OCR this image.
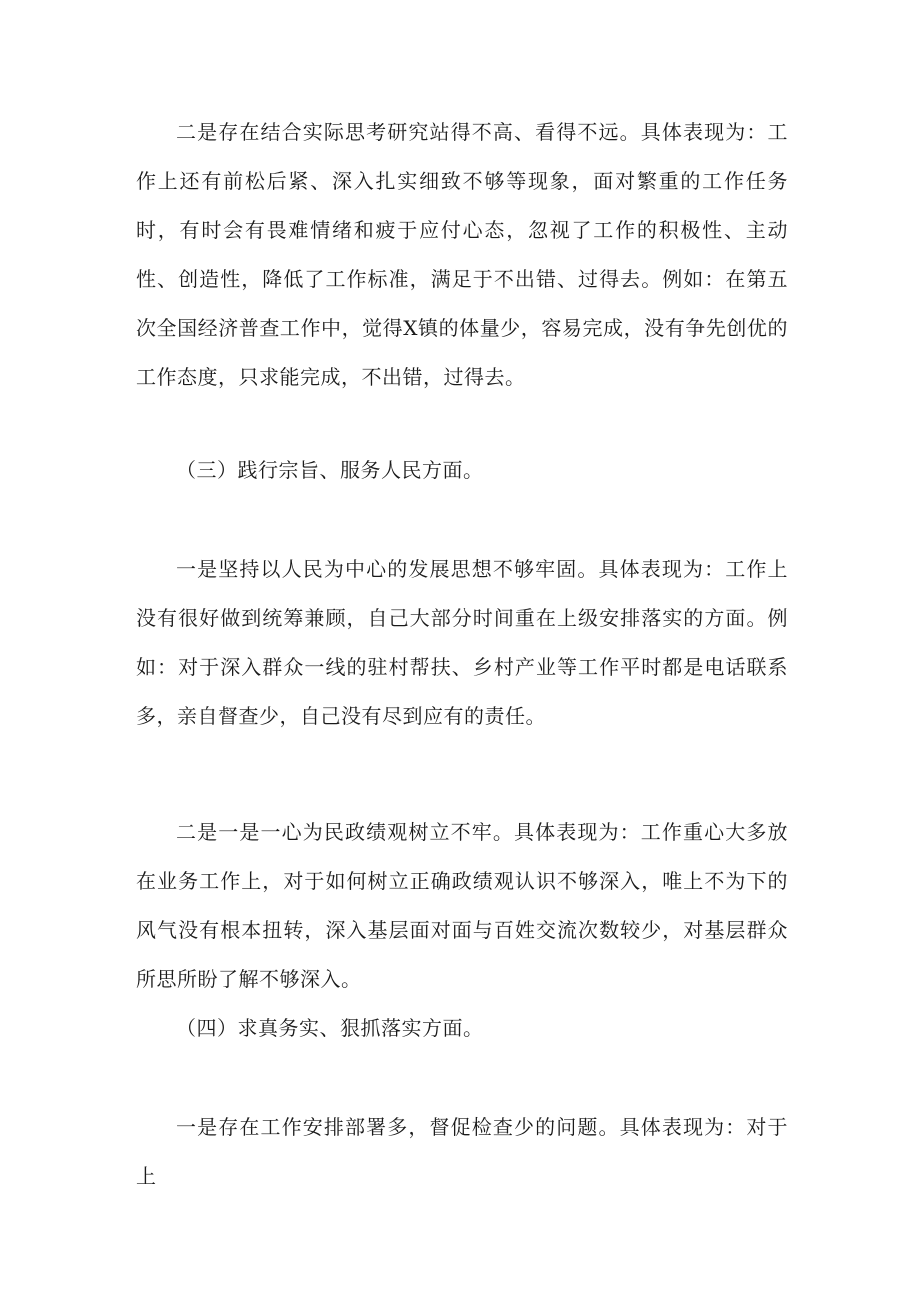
二是存在结合实际思考研究站得不高、看得不远。具体表现为：工作上还有前松后紧、深入扎实细致不够等现象，面对繁重的工作任务时，有时会有畏难情绪和疲于应付心态，忽视了工作的积极性、主动性、创造性，降低了工作标准，满足于不出错、过得去。例如：在第五次全国经济普查工作中，觉得X镇的体量少，容易完成，没有争先创优的工作态度，只求能完成，不出错，过得去。

（三）践行宗旨、服务人民方面。

一是坚持以人民为中心的发展思想不够牢固。具体表现为：工作上没有很好做到统筹兼顾，自己大部分时间重在上级安排落实的方面。例如：对于深入群众一线的驻村帮扶、乡村产业等工作平时都是电话联系多，亲自督查少，自己没有尽到应有的责任。

二是一是一心为民政绩观树立不牢。具体表现为：工作重心大多放在业务工作上，对于如何树立正确政绩观认识不够深入，唯上不为下的风气没有根本扭转，深入基层面对面与百姓交流次数较少，对基层群众所思所盼了解不够深入。

（四）求真务实、狠抓落实方面。

一是存在工作安排部署多，督促检查少的问题。具体表现为：对于上
